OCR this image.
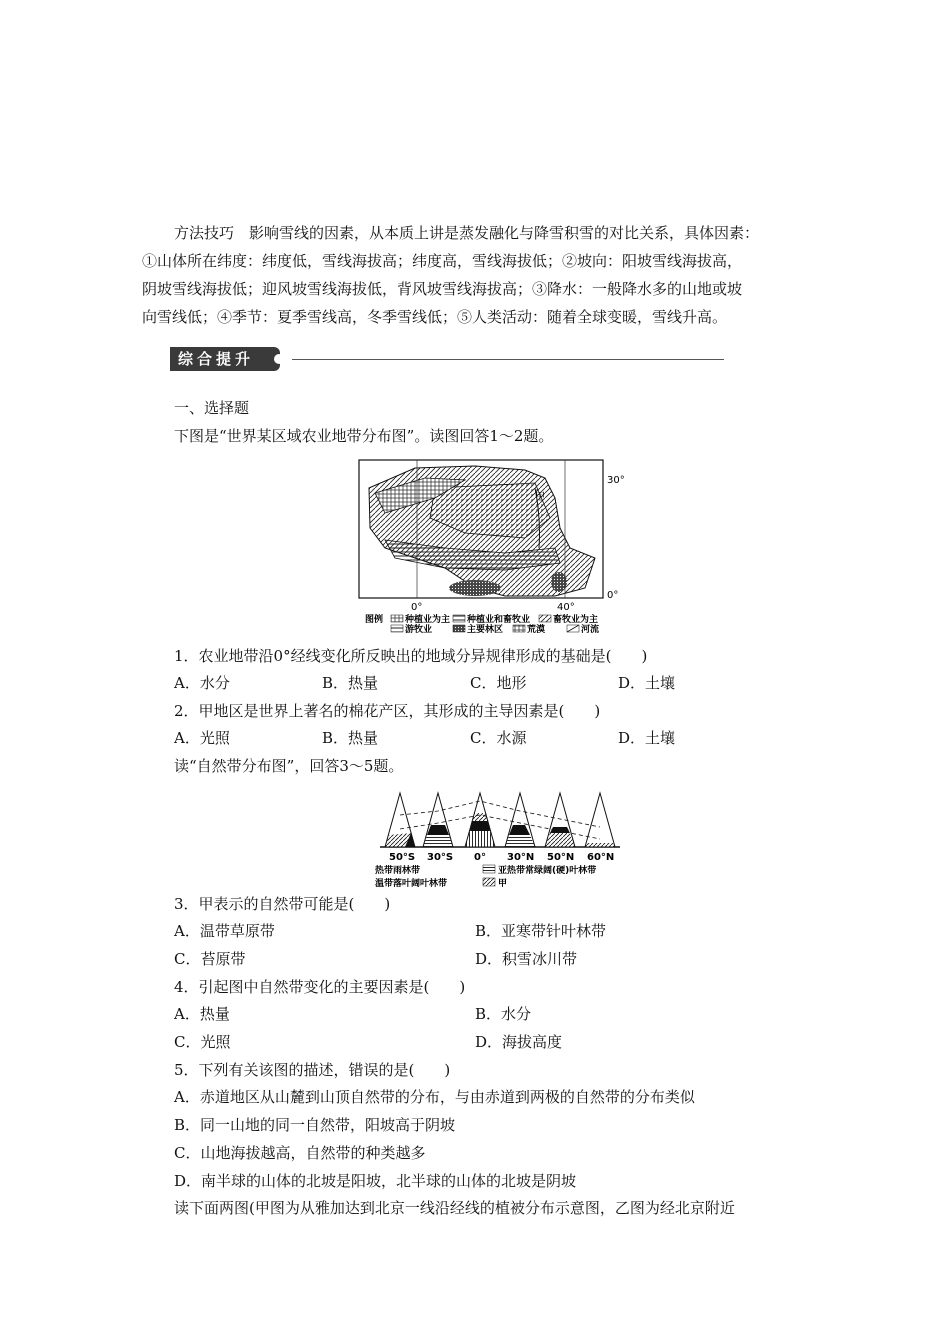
方法技巧　 影响雪线的因素，从本质上讲是蒸发融化与降雪积雪的对比关系，具体因素：
①山体所在纬度：纬度低，雪线海拔高；纬度高，雪线海拔低；②坡向：阳坡雪线海拔高，
阴坡雪线海拔低；迎风坡雪线海拔低，背风坡雪线海拔高；③降水：一般降水多的山地或坡
向雪线低；④季节：夏季雪线高，冬季雪线低；⑤人类活动：随着全球变暖，雪线升高。
综合提升
一、选择题
下图是“世界某区域农业地带分布图”。读图回答1～2题。
甲
30°
0°
0°	40°
图例 种植业为主 种植业和畜牧业	畜牧业为主
游牧业	主要林区	荒漠	河流
1．农业地带沿0°经线变化所反映出的地域分异规律形成的基础是(　　)
A．水分	B．热量	C．地形	D．土壤
2．甲地区是世界上著名的棉花产区，其形成的主导因素是(　　)
A．光照	B．热量	C．水源	D．土壤
读“自然带分布图”，回答3～5题。
50°S 30°S 0° 30°N 50°N 60°N
热带雨林带	亚热带常绿阔(硬)叶林带
温带落叶阔叶林带	甲
3．甲表示的自然带可能是(　　)
A．温带草原带	B．亚寒带针叶林带
C．苔原带	D．积雪冰川带
4．引起图中自然带变化的主要因素是(　　)
A．热量	B．水分
C．光照	D．海拔高度
5．下列有关该图的描述，错误的是(　　)
A．赤道地区从山麓到山顶自然带的分布，与由赤道到两极的自然带的分布类似
B．同一山地的同一自然带，阳坡高于阴坡
C．山地海拔越高，自然带的种类越多
D．南半球的山体的北坡是阳坡，北半球的山体的北坡是阴坡
读下面两图(甲图为从雅加达到北京一线沿经线的植被分布示意图，乙图为经北京附近
